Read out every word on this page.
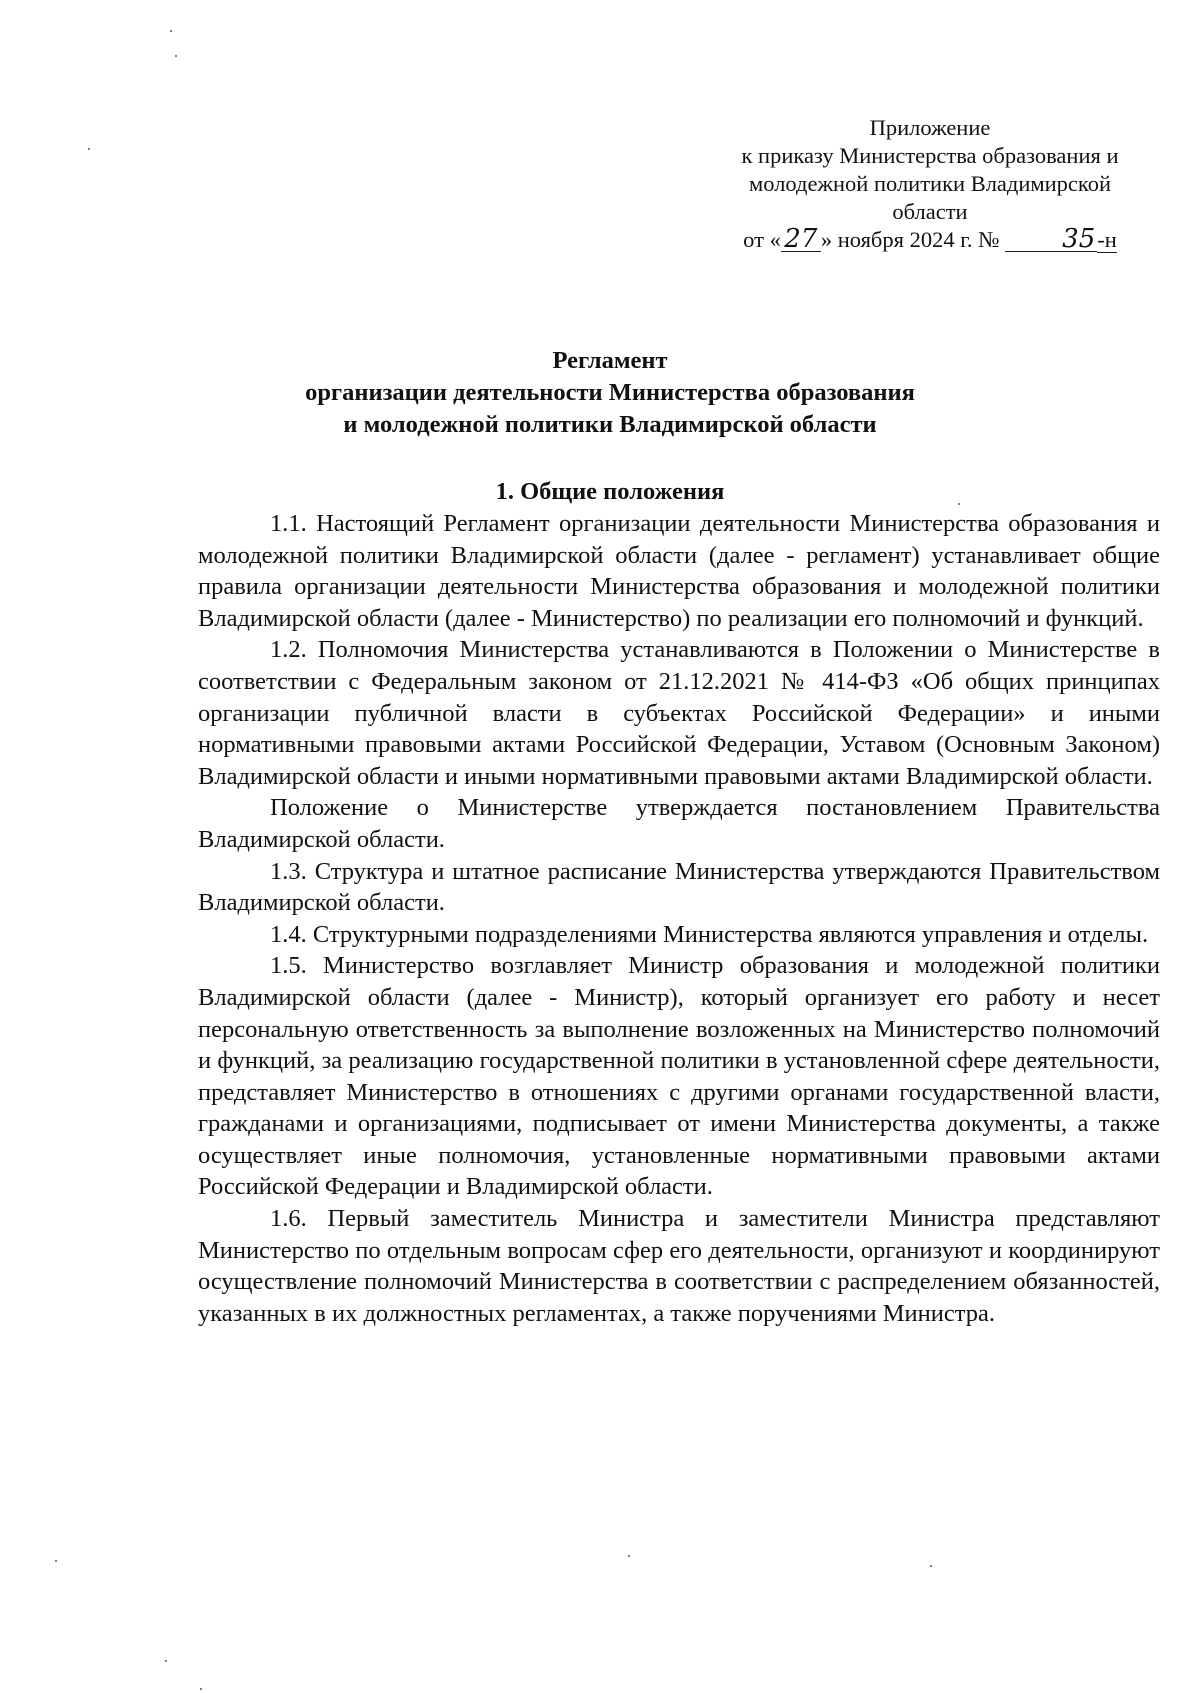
Приложение
к приказу Министерства образования и
молодежной политики Владимирской
области
от « 27 » ноября 2024 г. № 35-н
Регламент
организации деятельности Министерства образования
и молодежной политики Владимирской области
1. Общие положения

1.1. Настоящий Регламент организации деятельности Министерства образования и молодежной политики Владимирской области (далее - регламент) устанавливает общие правила организации деятельности Министерства образования и молодежной политики Владимирской области (далее - Министерство) по реализации его полномочий и функций.

1.2. Полномочия Министерства устанавливаются в Положении о Министерстве в соответствии с Федеральным законом от 21.12.2021 № 414-ФЗ «Об общих принципах организации публичной власти в субъектах Российской Федерации» и иными нормативными правовыми актами Российской Федерации, Уставом (Основным Законом) Владимирской области и иными нормативными правовыми актами Владимирской области.

Положение о Министерстве утверждается постановлением Правительства Владимирской области.

1.3. Структура и штатное расписание Министерства утверждаются Правительством Владимирской области.

1.4. Структурными подразделениями Министерства являются управления и отделы.

1.5. Министерство возглавляет Министр образования и молодежной политики Владимирской области (далее - Министр), который организует его работу и несет персональную ответственность за выполнение возложенных на Министерство полномочий и функций, за реализацию государственной политики в установленной сфере деятельности, представляет Министерство в отношениях с другими органами государственной власти, гражданами и организациями, подписывает от имени Министерства документы, а также осуществляет иные полномочия, установленные нормативными правовыми актами Российской Федерации и Владимирской области.

1.6. Первый заместитель Министра и заместители Министра представляют Министерство по отдельным вопросам сфер его деятельности, организуют и координируют осуществление полномочий Министерства в соответствии с распределением обязанностей, указанных в их должностных регламентах, а также поручениями Министра.
